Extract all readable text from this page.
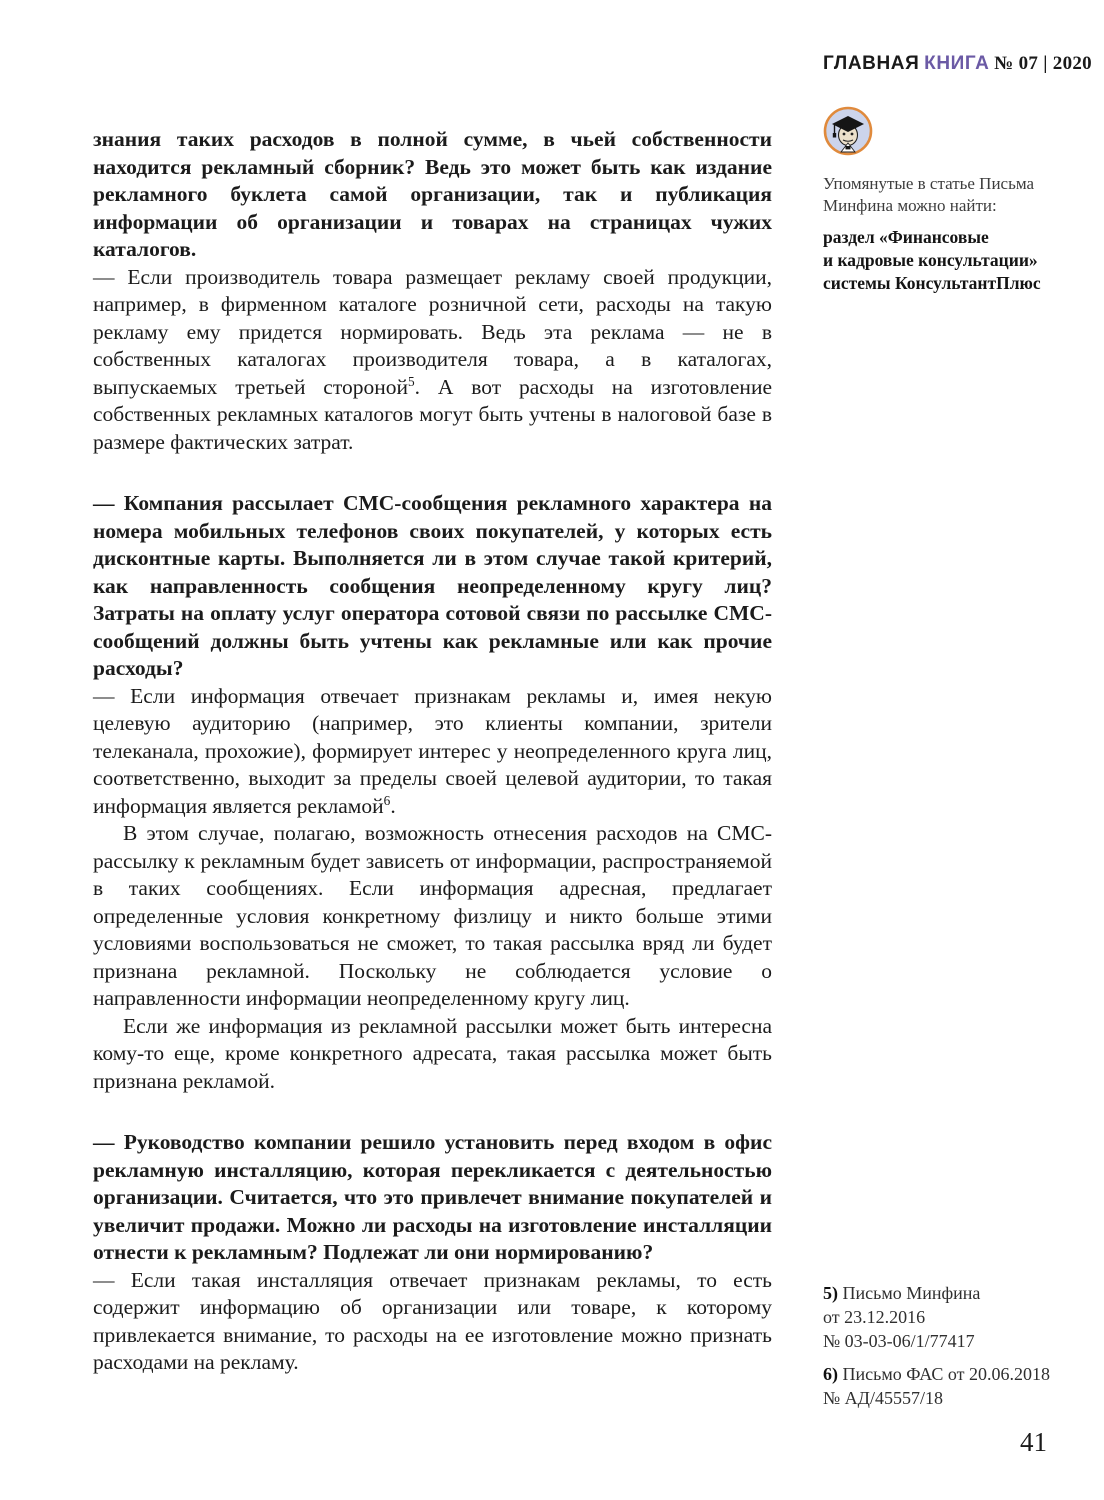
ГЛАВНАЯ КНИГА № 07 | 2020

знания таких расходов в полной сумме, в чьей собственности находится рекламный сборник? Ведь это может быть как издание рекламного буклета самой организации, так и публикация информации об организации и товарах на страницах чужих каталогов.

— Если производитель товара размещает рекламу своей продукции, например, в фирменном каталоге розничной сети, расходы на такую рекламу ему придется нормировать. Ведь эта реклама — не в собственных каталогах производителя товара, а в каталогах, выпускаемых третьей стороной$^5$. А вот расходы на изготовление собственных рекламных каталогов могут быть учтены в налоговой базе в размере фактических затрат.

— Компания рассылает СМС-сообщения рекламного характера на номера мобильных телефонов своих покупателей, у которых есть дисконтные карты. Выполняется ли в этом случае такой критерий, как направленность сообщения неопределенному кругу лиц? Затраты на оплату услуг оператора сотовой связи по рассылке СМС-сообщений должны быть учтены как рекламные или как прочие расходы?

— Если информация отвечает признакам рекламы и, имея некую целевую аудиторию (например, это клиенты компании, зрители телеканала, прохожие), формирует интерес у неопределенного круга лиц, соответственно, выходит за пределы своей целевой аудитории, то такая информация является рекламой$^6$.

В этом случае, полагаю, возможность отнесения расходов на СМС-рассылку к рекламным будет зависеть от информации, распространяемой в таких сообщениях. Если информация адресная, предлагает определенные условия конкретному физлицу и никто больше этими условиями воспользоваться не сможет, то такая рассылка вряд ли будет признана рекламной. Поскольку не соблюдается условие о направленности информации неопределенному кругу лиц.

Если же информация из рекламной рассылки может быть интересна кому-то еще, кроме конкретного адресата, такая рассылка может быть признана рекламой.

— Руководство компании решило установить перед входом в офис рекламную инсталляцию, которая перекликается с деятельностью организации. Считается, что это привлечет внимание покупателей и увеличит продажи. Можно ли расходы на изготовление инсталляции отнести к рекламным? Подлежат ли они нормированию?

— Если такая инсталляция отвечает признакам рекламы, то есть содержит информацию об организации или товаре, к которому привлекается внимание, то расходы на ее изготовление можно признать расходами на рекламу.

Упомянутые в статье Письма
Минфина можно найти:
раздел «Финансовые
и кадровые консультации»
системы КонсультантПлюс

5) Письмо Минфина
от 23.12.2016
№ 03-03-06/1/77417

6) Письмо ФАС от 20.06.2018
№ АД/45557/18

41
